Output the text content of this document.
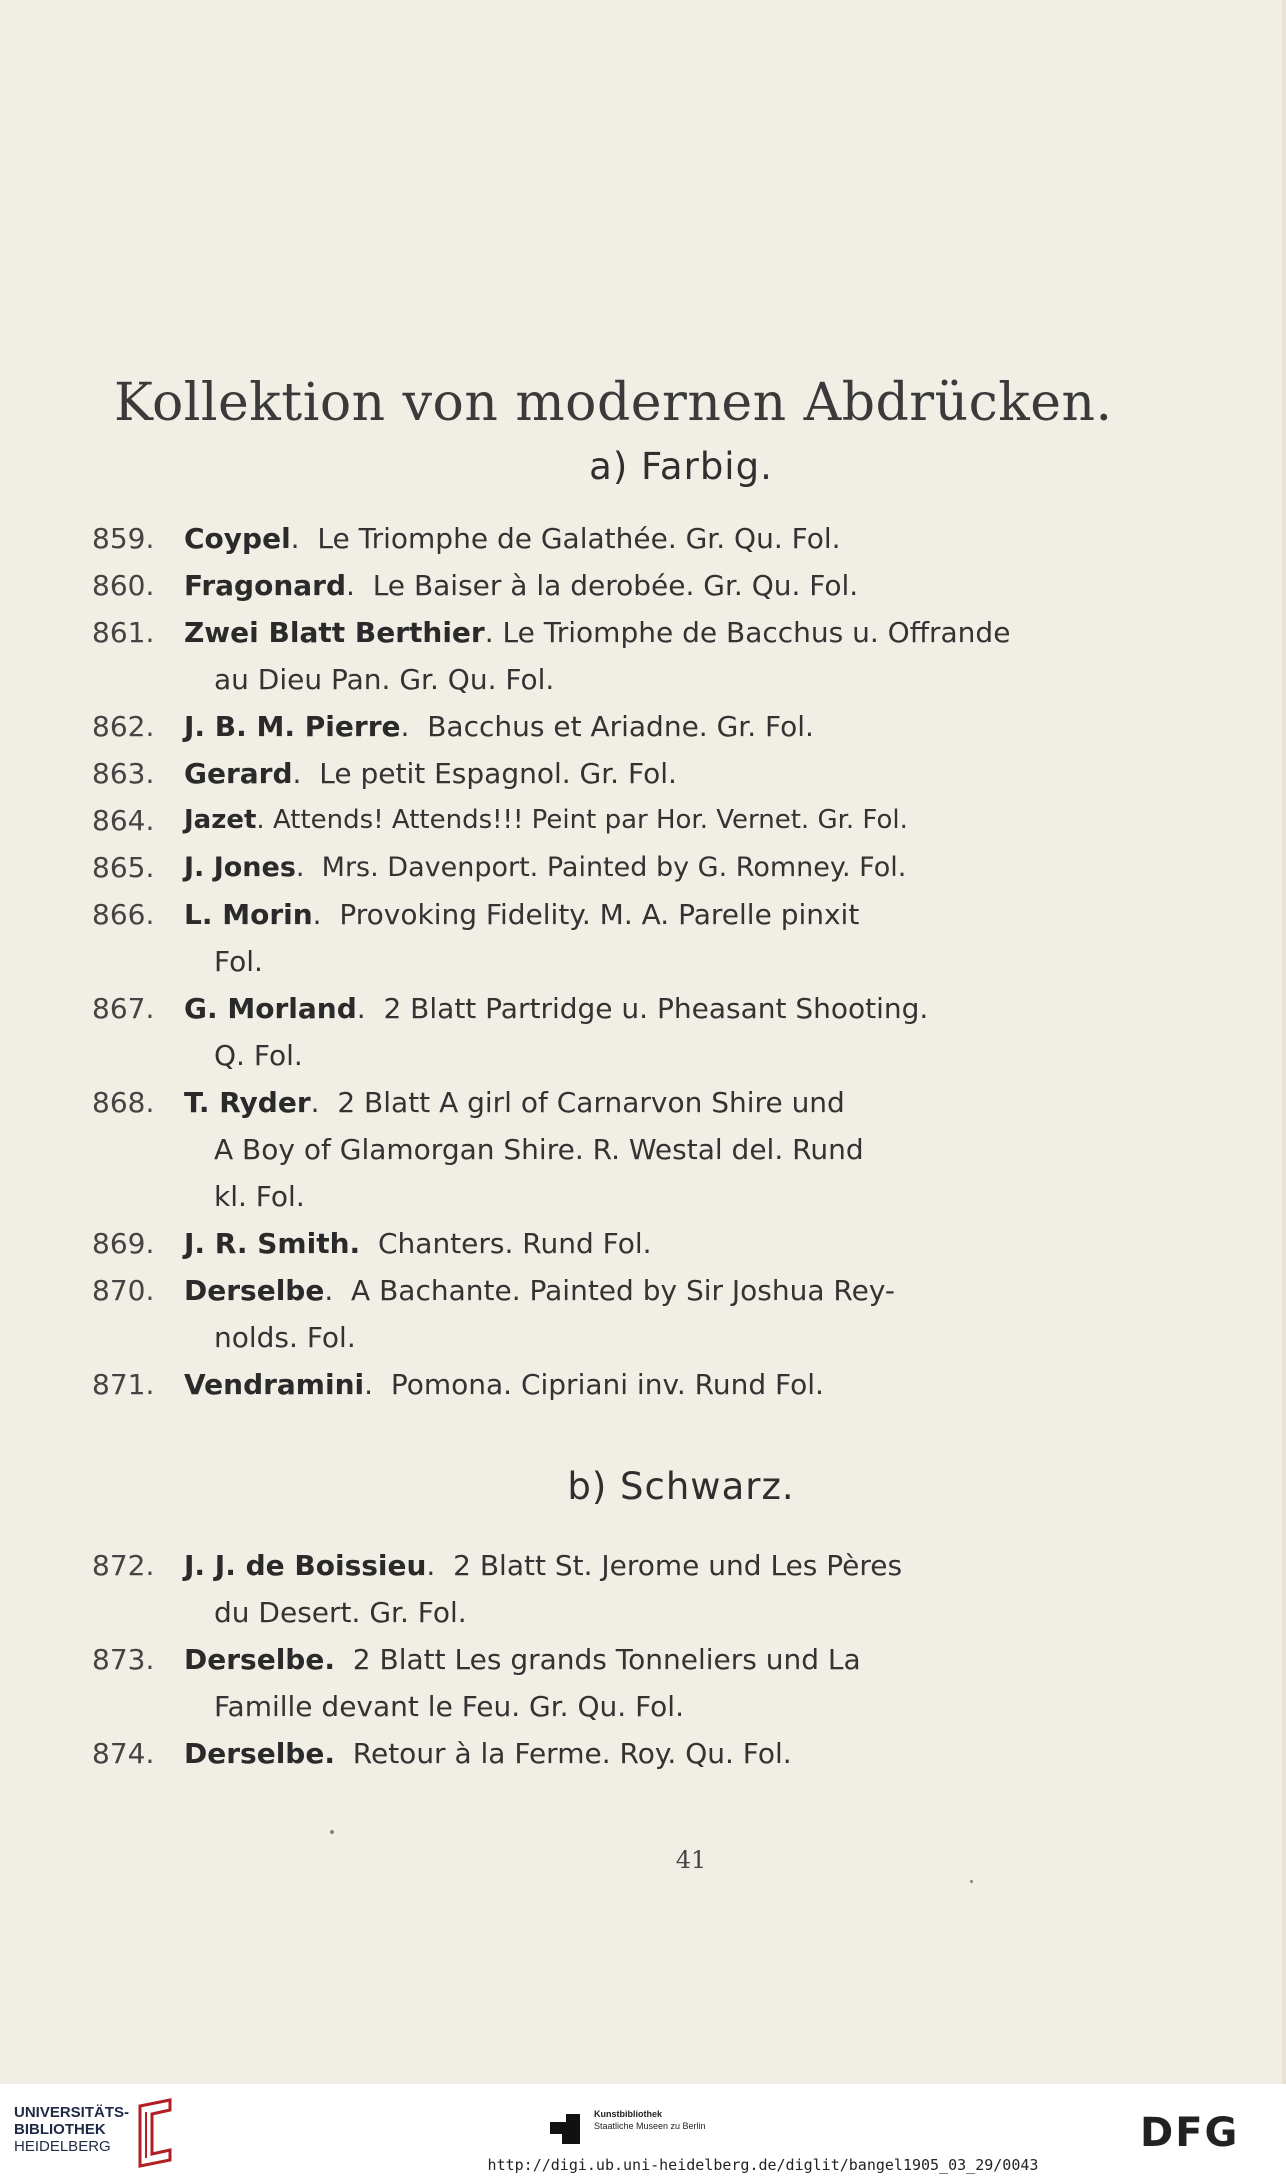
Kollektion von modernen Abdrücken.
a) Farbig.
859.	Coypel.  Le Triomphe de Galathée. Gr. Qu. Fol.
860.	Fragonard.  Le Baiser à la derobée. Gr. Qu. Fol.
861.	Zwei Blatt Berthier. Le Triomphe de Bacchus u. Offrande
au Dieu Pan. Gr. Qu. Fol.
862.	J. B. M. Pierre.  Bacchus et Ariadne. Gr. Fol.
863.	Gerard.  Le petit Espagnol. Gr. Fol.
864.	Jazet. Attends! Attends!!! Peint par Hor. Vernet. Gr. Fol.
865.	J. Jones.  Mrs. Davenport. Painted by G. Romney. Fol.
866.	L. Morin.  Provoking Fidelity. M. A. Parelle pinxit
Fol.
867.	G. Morland.  2 Blatt Partridge u. Pheasant Shooting.
Q. Fol.
868.	T. Ryder.  2 Blatt A girl of Carnarvon Shire und
A Boy of Glamorgan Shire. R. Westal del. Rund
kl. Fol.
869.	J. R. Smith. Chanters. Rund Fol.
870.	Derselbe.  A Bachante. Painted by Sir Joshua Rey-
nolds. Fol.
871.	Vendramini.  Pomona. Cipriani inv. Rund Fol.
b) Schwarz.
872.	J. J. de Boissieu.  2 Blatt St. Jerome und Les Pères
du Desert. Gr. Fol.
873.	Derselbe. 2 Blatt Les grands Tonneliers und La
Famille devant le Feu. Gr. Qu. Fol.
874.	Derselbe. Retour à la Ferme. Roy. Qu. Fol.
41
UNIVERSITÄTS-
BIBLIOTHEK
HEIDELBERG
Kunstbibliothek
Staatliche Museen zu Berlin	DFG
http://digi.ub.uni-heidelberg.de/diglit/bangel1905_03_29/0043
